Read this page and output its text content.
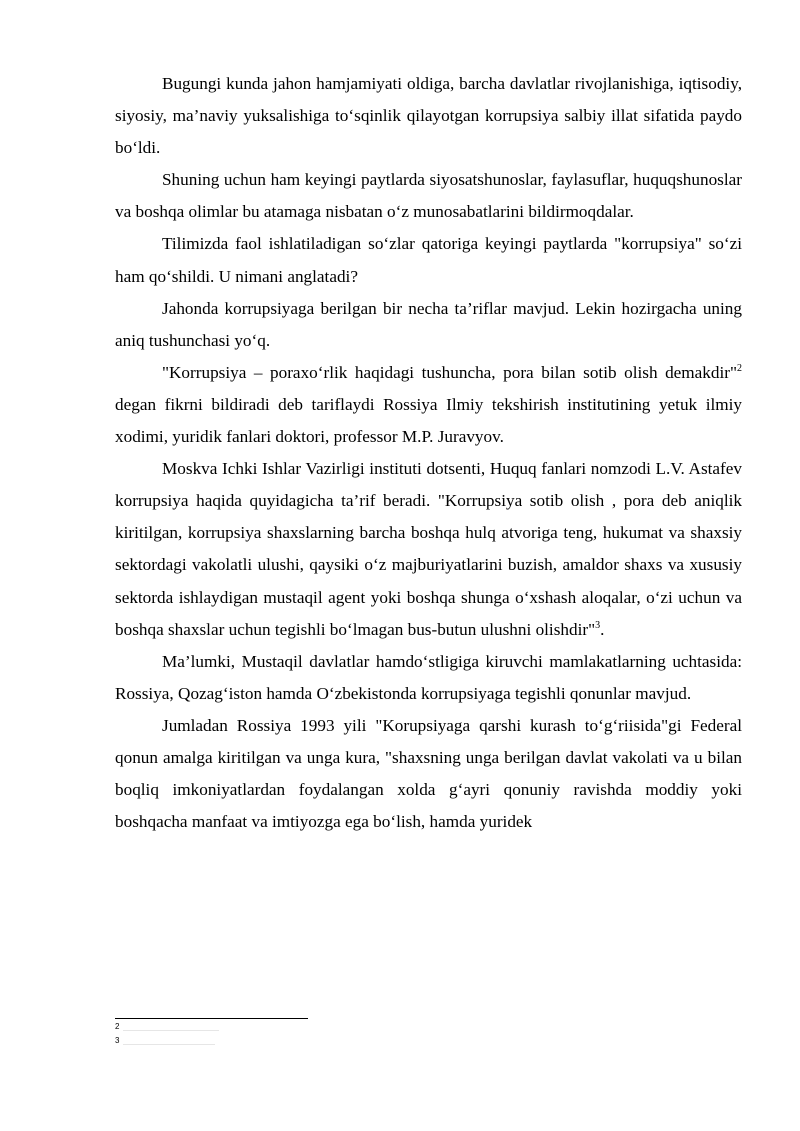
Bugungi kunda jahon hamjamiyati oldiga, barcha davlatlar rivojlanishiga, iqtisodiy, siyosiy, ma’naviy yuksalishiga to‘sqinlik qilayotgan korrupsiya salbiy illat sifatida paydo bo‘ldi.

Shuning uchun ham keyingi paytlarda siyosatshunoslar, faylasuflar, huquqshunoslar va boshqa olimlar bu atamaga nisbatan o‘z munosabatlarini bildirmoqdalar.

Tilimizda faol ishlatiladigan so‘zlar qatoriga keyingi paytlarda "korrupsiya" so‘zi ham qo‘shildi. U nimani anglatadi?

Jahonda korrupsiyaga berilgan bir necha ta’riflar mavjud. Lekin hozirgacha uning aniq tushunchasi yo‘q.

"Korrupsiya – poraxo‘rlik haqidagi tushuncha, pora bilan sotib olish demakdir"$^2$ degan fikrni bildiradi deb tariflaydi Rossiya Ilmiy tekshirish institutining yetuk ilmiy xodimi, yuridik fanlari doktori, professor M.P. Juravyov.

Moskva Ichki Ishlar Vazirligi instituti dotsenti, Huquq fanlari nomzodi L.V. Astafev korrupsiya haqida quyidagicha ta’rif beradi. "Korrupsiya sotib olish , pora deb aniqlik kiritilgan, korrupsiya shaxslarning barcha boshqa hulq atvoriga teng, hukumat va shaxsiy sektordagi vakolatli ulushi, qaysiki o‘z majburiyatlarini buzish, amaldor shaxs va xususiy sektorda ishlaydigan mustaqil agent yoki boshqa shunga o‘xshash aloqalar, o‘zi uchun va boshqa shaxslar uchun tegishli bo‘lmagan bus-butun ulushni olishdir"$^3$.

Ma’lumki, Mustaqil davlatlar hamdo‘stligiga kiruvchi mamlakatlarning uchtasida: Rossiya, Qozag‘iston hamda O‘zbekistonda korrupsiyaga tegishli qonunlar mavjud.

Jumladan Rossiya 1993 yili "Korupsiyaga qarshi kurash to‘g‘riisida"gi Federal qonun amalga kiritilgan va unga kura, "shaxsning unga berilgan davlat vakolati va u bilan boqliq imkoniyatlardan foydalangan xolda g‘ayri qonuniy ravishda moddiy yoki boshqacha manfaat va imtiyozga ega bo‘lish, hamda yuridek

2
3
